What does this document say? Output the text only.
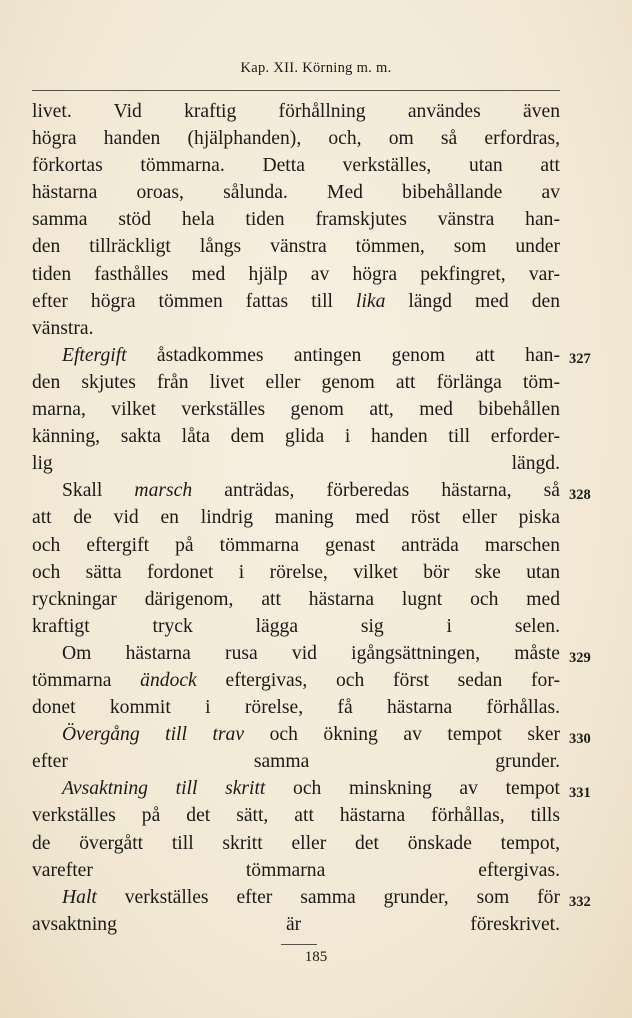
Kap. XII. Körning m. m.
livet. Vid kraftig förhållning användes även
högra handen (hjälphanden), och, om så erfordras,
förkortas tömmarna. Detta verkställes, utan att
hästarna oroas, sålunda. Med bibehållande av
samma stöd hela tiden framskjutes vänstra han-
den tillräckligt långs vänstra tömmen, som under
tiden fasthålles med hjälp av högra pekfingret, var-
efter högra tömmen fattas till lika längd med den
vänstra.
Eftergift åstadkommes antingen genom att han-
den skjutes från livet eller genom att förlänga töm-
marna, vilket verkställes genom att, med bibehållen
känning, sakta låta dem glida i handen till erforder-
lig längd.
Skall marsch anträdas, förberedas hästarna, så
att de vid en lindrig maning med röst eller piska
och eftergift på tömmarna genast anträda marschen
och sätta fordonet i rörelse, vilket bör ske utan
ryckningar därigenom, att hästarna lugnt och med
kraftigt tryck lägga sig i selen.
Om hästarna rusa vid igångsättningen, måste
tömmarna ändock eftergivas, och först sedan for-
donet kommit i rörelse, få hästarna förhållas.
Övergång till trav och ökning av tempot sker
efter samma grunder.
Avsaktning till skritt och minskning av tempot
verkställes på det sätt, att hästarna förhållas, tills
de övergått till skritt eller det önskade tempot,
varefter tömmarna eftergivas.
Halt verkställes efter samma grunder, som för
avsaktning är föreskrivet.
327
328
329
330
331
332
185
